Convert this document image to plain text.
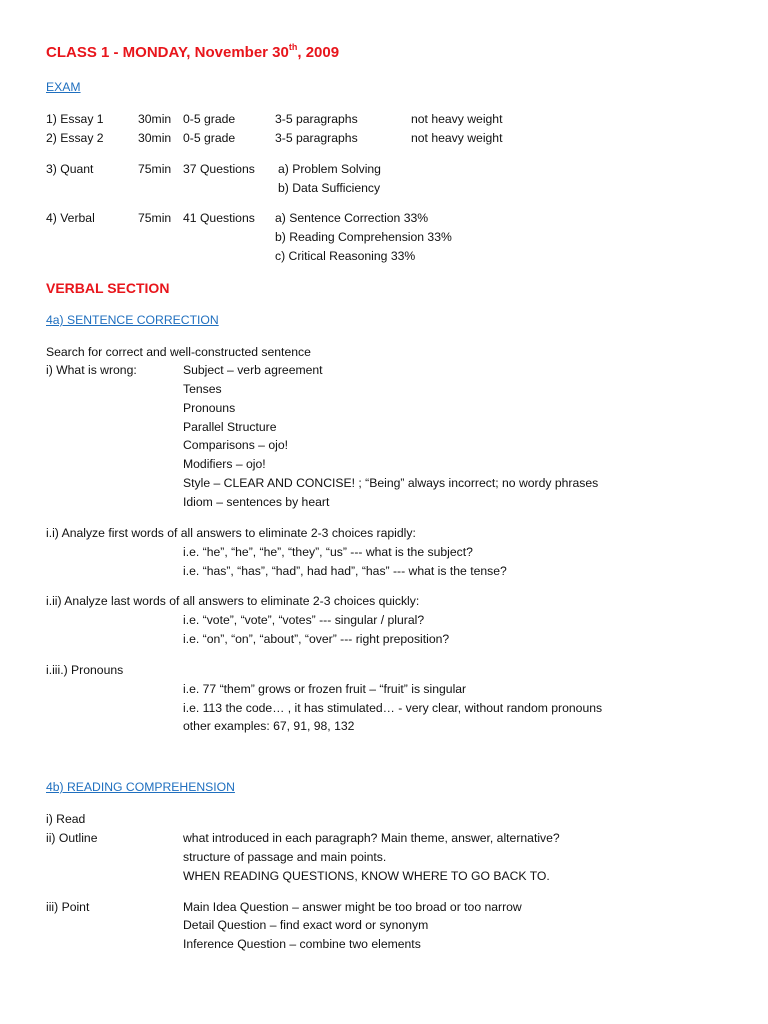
CLASS 1 - MONDAY, November 30th, 2009
EXAM
1) Essay 1	30min 0-5 grade	3-5 paragraphs	not heavy weight
2) Essay 2	30min 0-5 grade	3-5 paragraphs	not heavy weight
3) Quant	75min 37 Questions a) Problem Solving
b) Data Sufficiency
4) Verbal	75min 41 Questions a) Sentence Correction 33%
b) Reading Comprehension 33%
c) Critical Reasoning 33%
VERBAL SECTION
4a) SENTENCE CORRECTION
Search for correct and well-constructed sentence
i) What is wrong:	Subject – verb agreement
Tenses
Pronouns
Parallel Structure
Comparisons – ojo!
Modifiers – ojo!
Style – CLEAR AND CONCISE! ; “Being” always incorrect; no wordy phrases
Idiom – sentences by heart
i.i) Analyze first words of all answers to eliminate 2-3 choices rapidly:
i.e. “he”, “he”, “he”, “they”, “us” --- what is the subject?
i.e. “has”, “has”, “had”, had had”, “has” --- what is the tense?
i.ii) Analyze last words of all answers to eliminate 2-3 choices quickly:
i.e. “vote”, “vote”, “votes” --- singular / plural?
i.e. “on”, “on”, “about”, “over” --- right preposition?
i.iii.) Pronouns
i.e. 77 “them” grows or frozen fruit – “fruit” is singular
i.e. 113 the code… , it has stimulated… - very clear, without random pronouns
other examples: 67, 91, 98, 132
4b) READING COMPREHENSION
i) Read
ii) Outline	what introduced in each paragraph? Main theme, answer, alternative?
structure of passage and main points.
WHEN READING QUESTIONS, KNOW WHERE TO GO BACK TO.
iii) Point	Main Idea Question – answer might be too broad or too narrow
Detail Question – find exact word or synonym
Inference Question – combine two elements
